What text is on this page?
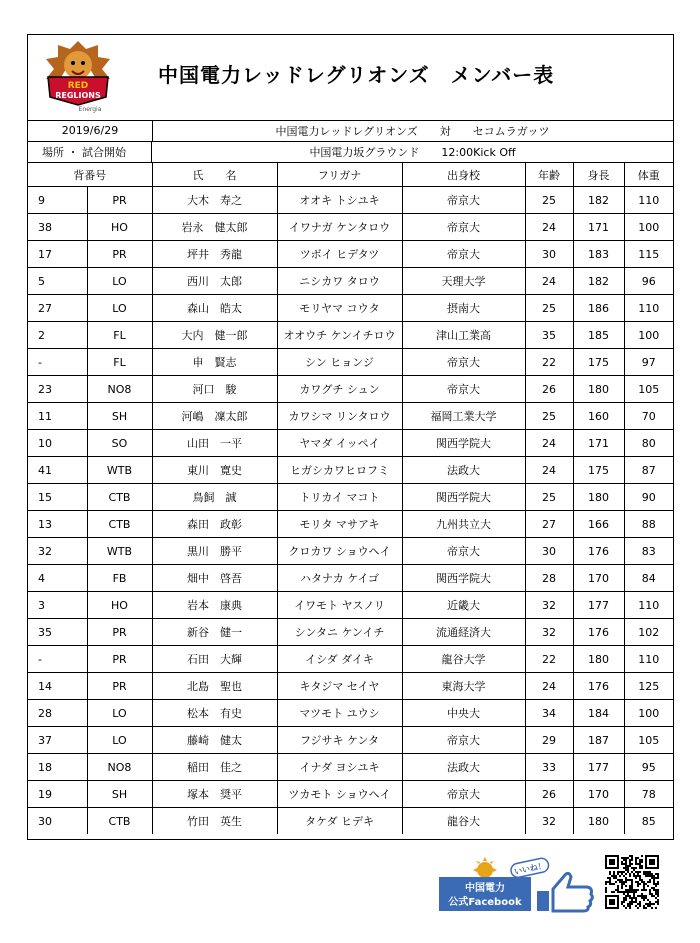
RED
REGLIONS
Energia
中国電力レッドレグリオンズ　メンバー表
2019/6/29	中国電力レッドレグリオンズ　　対　　セコムラガッツ
場所 ・ 試合開始	中国電力坂グラウンド　　12:00Kick Off
背番号		氏　　名	フリガナ	出身校	年齢	身長	体重
9	PR	大木　寿之	オオキ トシユキ	帝京大	25	182	110
38	HO	岩永　健太郎	イワナガ ケンタロウ	帝京大	24	171	100
17	PR	坪井　秀龍	ツボイ ヒデタツ	帝京大	30	183	115
5	LO	西川　太郎	ニシカワ タロウ	天理大学	24	182	96
27	LO	森山　皓太	モリヤマ コウタ	摂南大	25	186	110
2	FL	大内　健一郎	オオウチ ケンイチロウ	津山工業高	35	185	100
-	FL	申　賢志	シン ヒョンジ	帝京大	22	175	97
23	NO8	河口　駿	カワグチ シュン	帝京大	26	180	105
11	SH	河嶋　凜太郎	カワシマ リンタロウ	福岡工業大学	25	160	70
10	SO	山田　一平	ヤマダ イッペイ	関西学院大	24	171	80
41	WTB	東川　寛史	ヒガシカワヒロフミ	法政大	24	175	87
15	CTB	鳥飼　誠	トリカイ マコト	関西学院大	25	180	90
13	CTB	森田　政彰	モリタ マサアキ	九州共立大	27	166	88
32	WTB	黒川　勝平	クロカワ ショウヘイ	帝京大	30	176	83
4	FB	畑中　啓吾	ハタナカ ケイゴ	関西学院大	28	170	84
3	HO	岩本　康典	イワモト ヤスノリ	近畿大	32	177	110
35	PR	新谷　健一	シンタニ ケンイチ	流通経済大	32	176	102
-	PR	石田　大輝	イシダ ダイキ	龍谷大学	22	180	110
14	PR	北島　聖也	キタジマ セイヤ	東海大学	24	176	125
28	LO	松本　有史	マツモト ユウシ	中央大	34	184	100
37	LO	藤崎　健太	フジサキ ケンタ	帝京大	29	187	105
18	NO8	稲田　佳之	イナダ ヨシユキ	法政大	33	177	95
19	SH	塚本　奨平	ツカモト ショウヘイ	帝京大	26	170	78
30	CTB	竹田　英生	タケダ ヒデキ	龍谷大	32	180	85
いいね！
中国電力
公式Facebook
